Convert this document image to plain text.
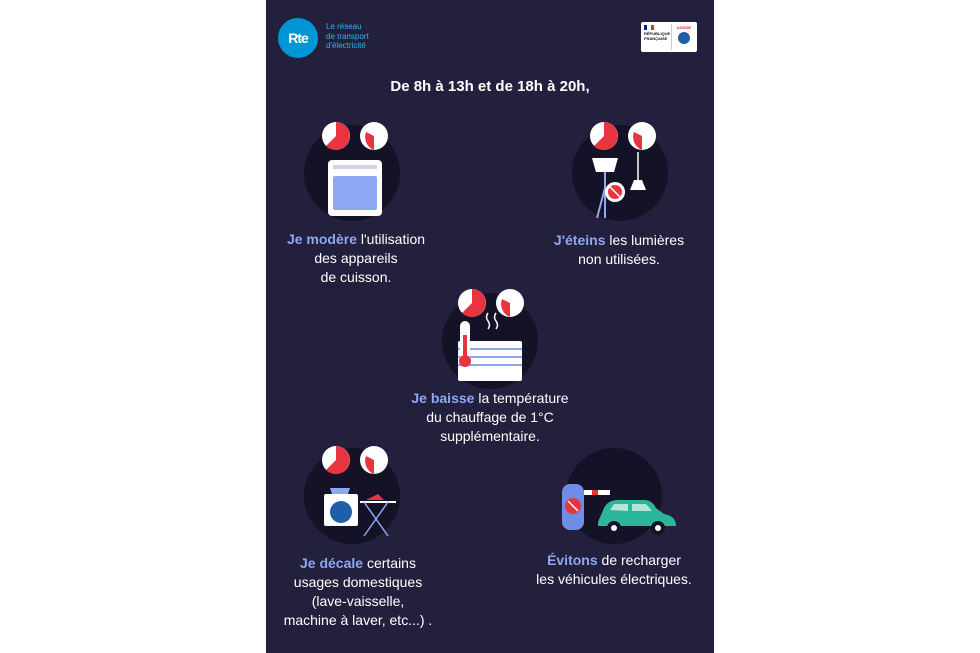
Rte
Le réseau
de transport
d'électricité
RÉPUBLIQUE
FRANÇAISE
ADEME
De 8h à 13h et de 18h à 20h,
Je modère l'utilisation
des appareils
de cuisson.
J'éteins les lumières
non utilisées.
Je baisse la température
du chauffage de 1°C
supplémentaire.
Je décale certains
usages domestiques
(lave-vaisselle,
machine à laver, etc...) .
Évitons de recharger
les véhicules électriques.
